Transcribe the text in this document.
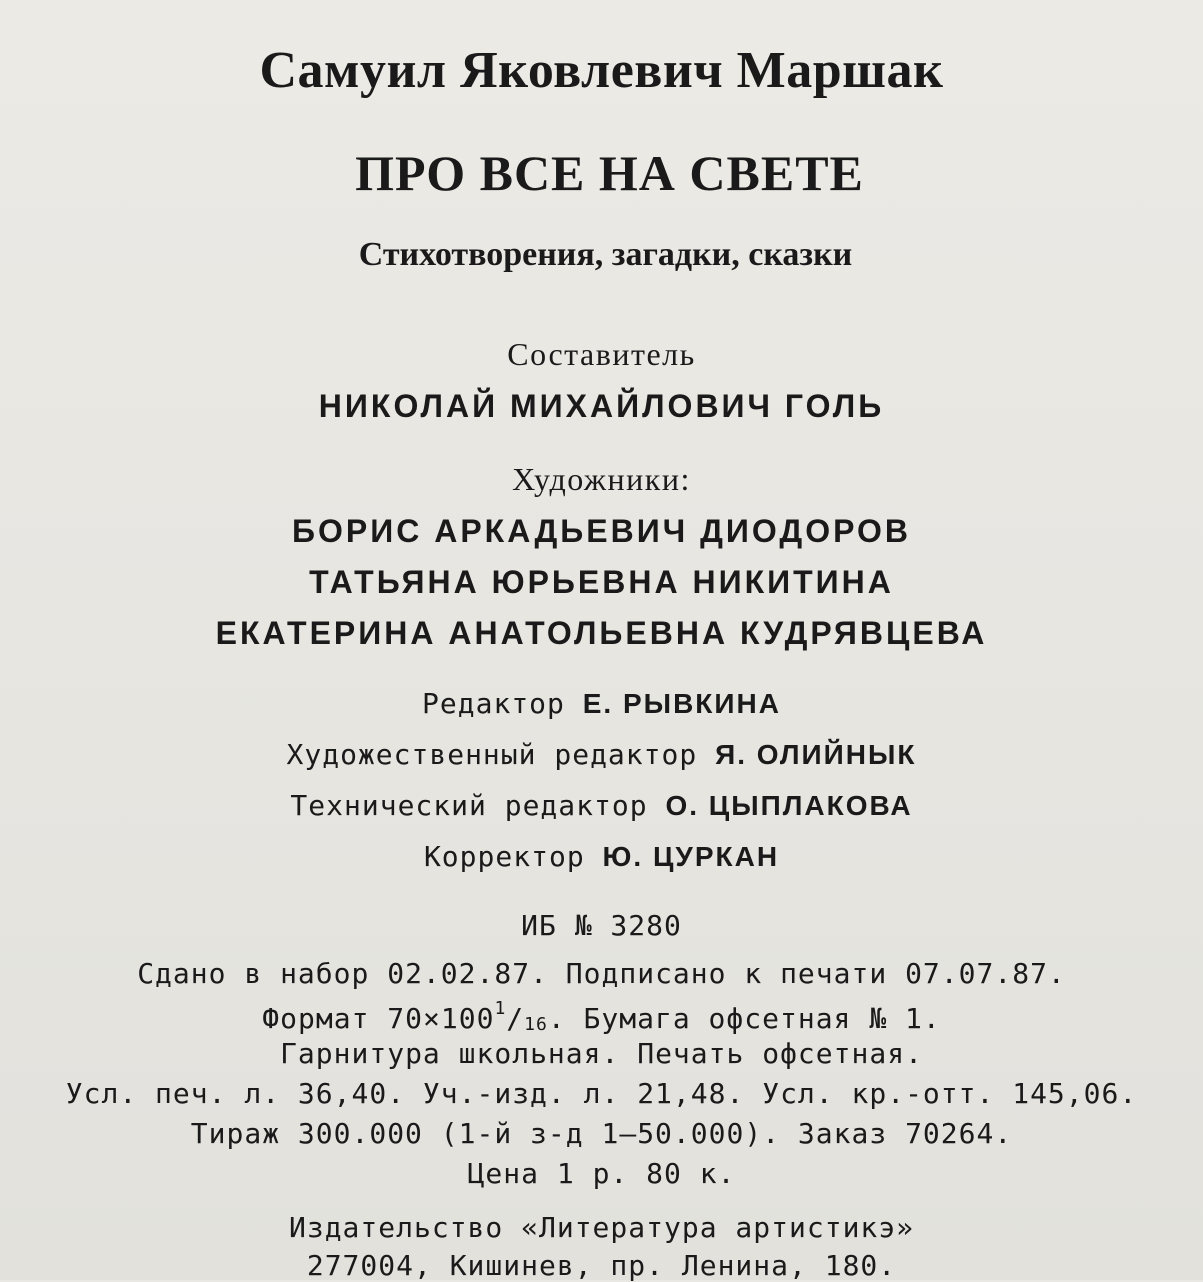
Самуил Яковлевич Маршак
ПРО ВСЕ НА СВЕТЕ
Стихотворения, загадки, сказки
Составитель
НИКОЛАЙ МИХАЙЛОВИЧ ГОЛЬ
Художники:
БОРИС АРКАДЬЕВИЧ ДИОДОРОВ
ТАТЬЯНА ЮРЬЕВНА НИКИТИНА
ЕКАТЕРИНА АНАТОЛЬЕВНА КУДРЯВЦЕВА
Редактор Е. РЫВКИНА
Художественный редактор Я. ОЛИЙНЫК
Технический редактор О. ЦЫПЛАКОВА
Корректор Ю. ЦУРКАН
ИБ № 3280
Сдано в набор 02.02.87. Подписано к печати 07.07.87.
Формат $70\times 100^1/16$. Бумага офсетная № 1.
Гарнитура школьная. Печать офсетная.
Усл. печ. л. 36,40. Уч.-изд. л. 21,48. Усл. кр.-отт. 145,06.
Тираж 300.000 (1-й з-д 1—50.000). Заказ 70264.
Цена 1 р. 80 к.
Издательство «Литература артистикэ»
277004, Кишинев, пр. Ленина, 180.
